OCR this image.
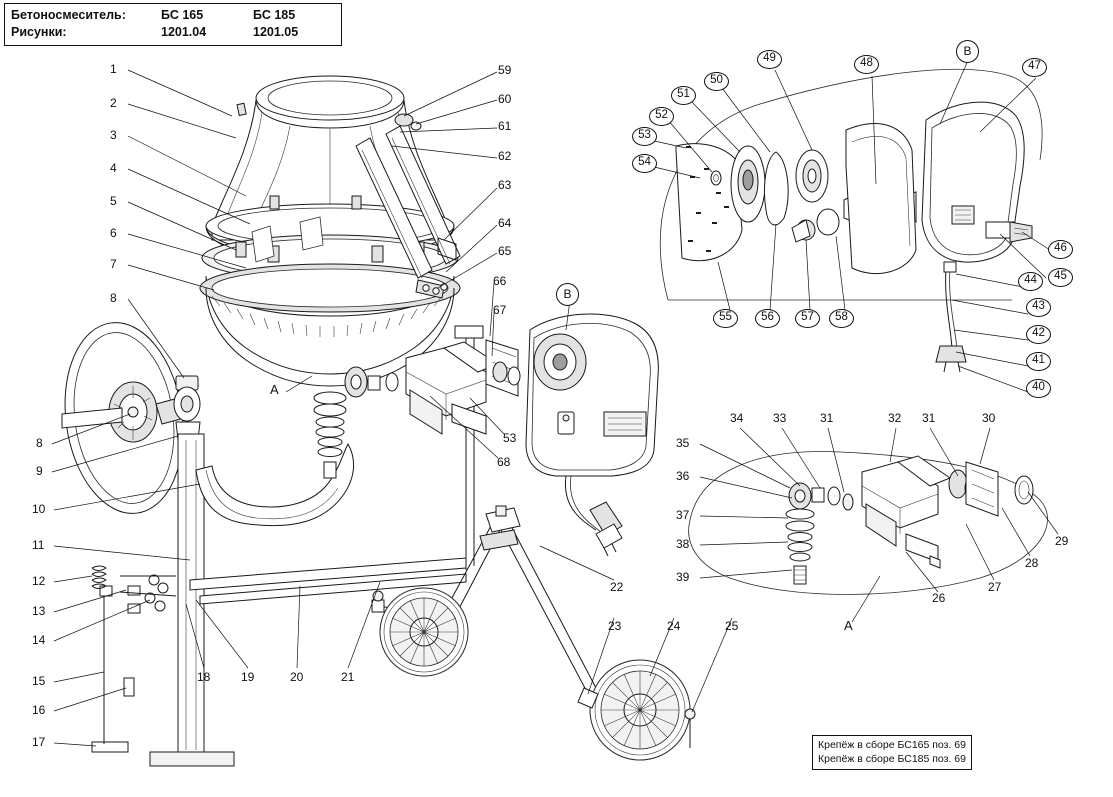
Бетоносмеситель:	БС 165	БС 185
Рисунки:	1201.04	1201.05
Крепёж в сборе БС165 поз. 69
Крепёж в сборе БС185 поз. 69
A
B
B
A
1
2
3
4
5
6
7
8
8
9
10
11
12
13
14
15
16
17
18	19	20	21
22
23	24	25
26
27
28
29
30
31
31	32
33
34
35
36
37
38
39
59
60
61
62
63
64
65
66
67
53
68
40
41
42
43
44	45
46
47
48
49
50
51
52
53
54
55	56	57	58
